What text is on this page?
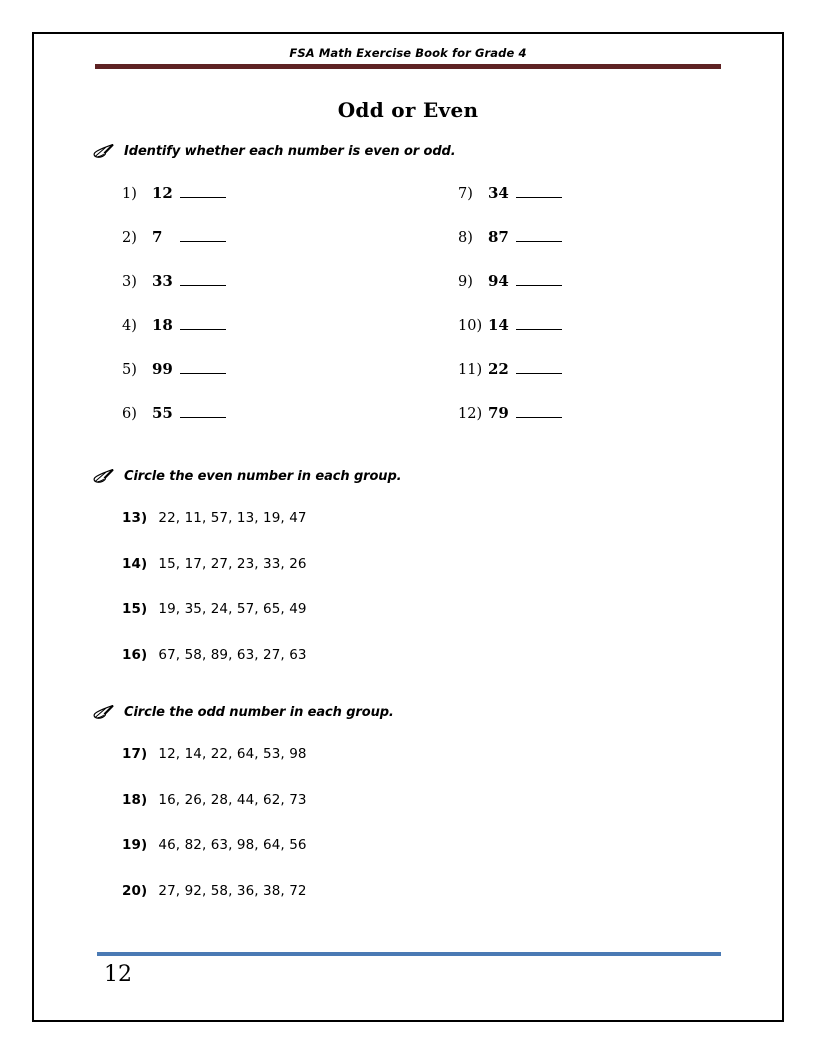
FSA Math Exercise Book for Grade 4
Odd or Even
Identify whether each number is even or odd.
1)	12
2)	7
3)	33
4)	18
5)	99
6)	55
7)	34
8)	87
9)	94
10) 14
11) 22
12) 79
Circle the even number in each group.
13) 22, 11, 57, 13, 19, 47
14) 15, 17, 27, 23, 33, 26
15) 19, 35, 24, 57, 65, 49
16) 67, 58, 89, 63, 27, 63
Circle the odd number in each group.
17) 12, 14, 22, 64, 53, 98
18) 16, 26, 28, 44, 62, 73
19) 46, 82, 63, 98, 64, 56
20) 27, 92, 58, 36, 38, 72
12
